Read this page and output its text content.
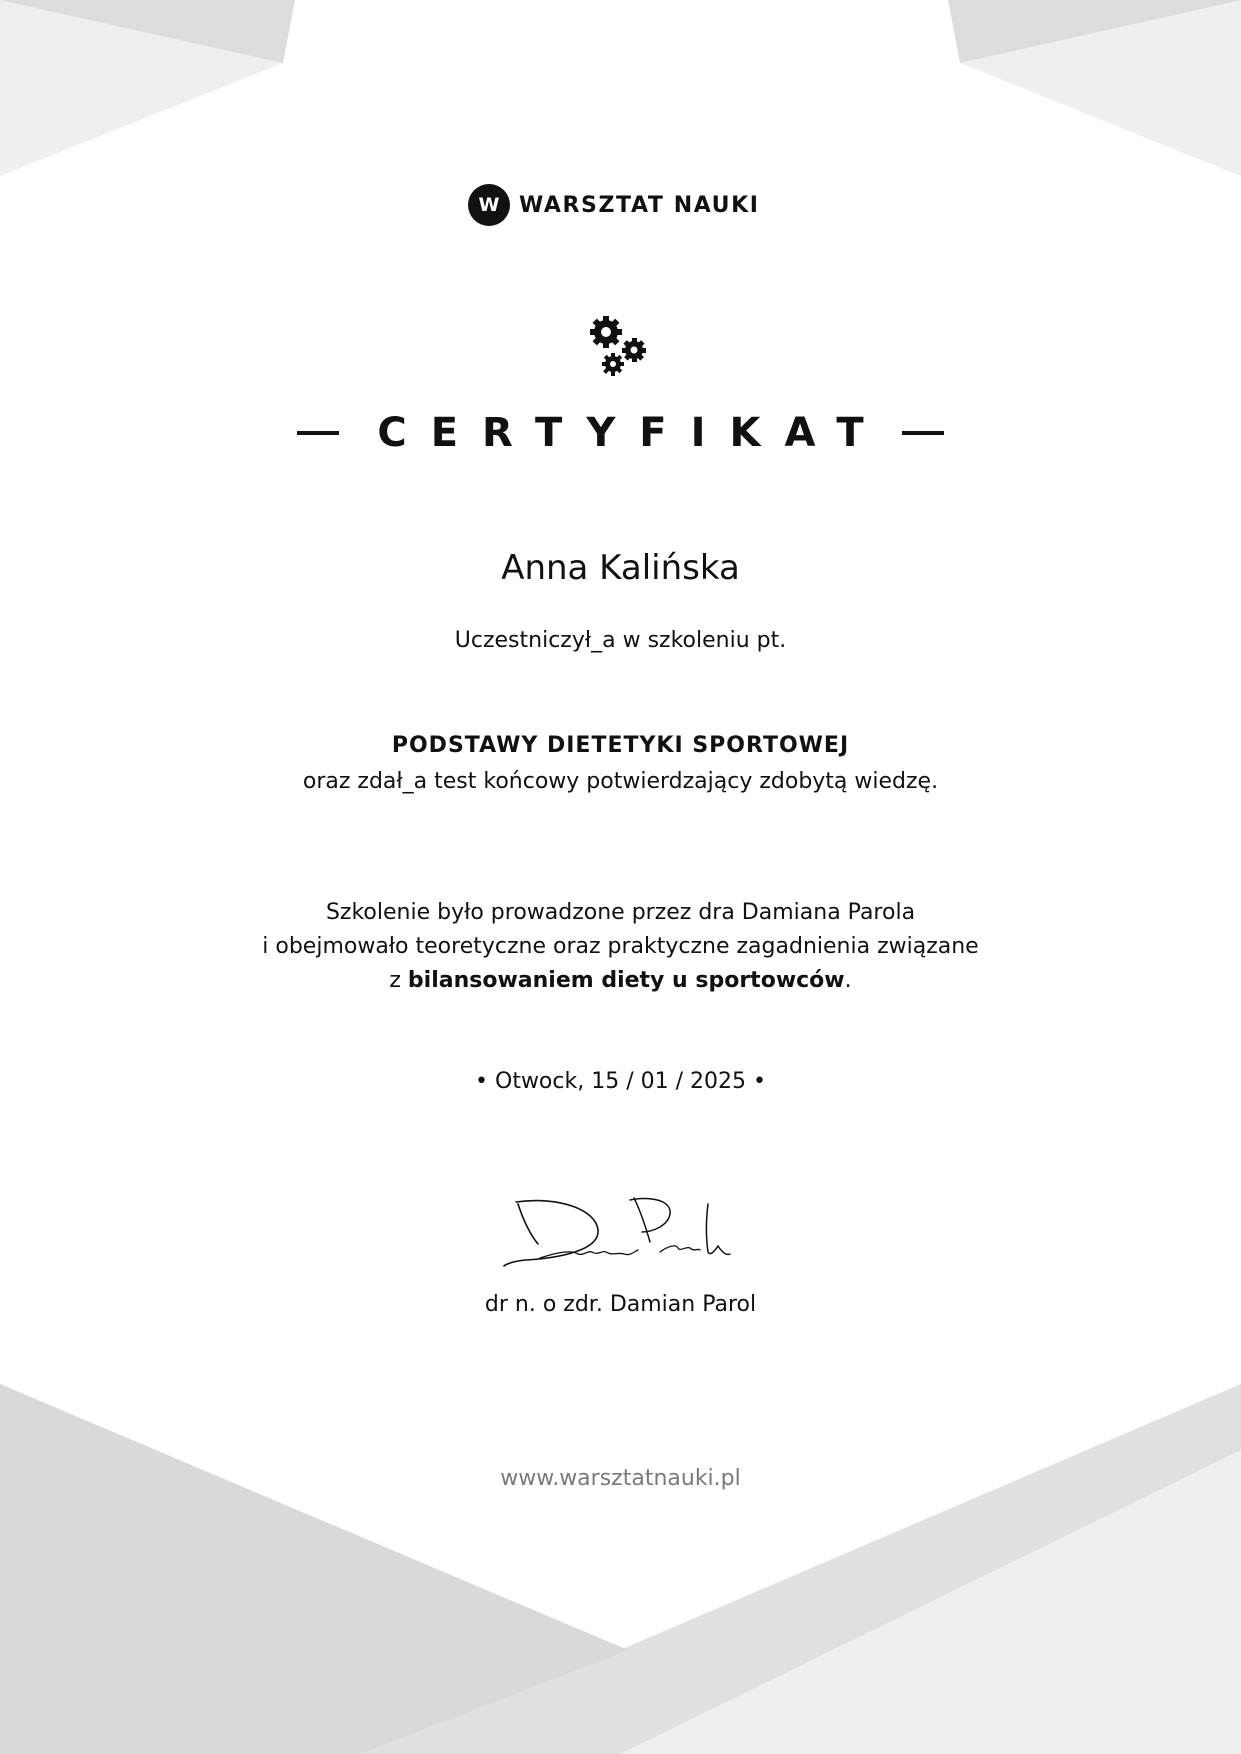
W WARSZTAT NAUKI
CERTYFIKAT
Anna Kalińska
Uczestniczył_a w szkoleniu pt.
PODSTAWY DIETETYKI SPORTOWEJ
oraz zdał_a test końcowy potwierdzający zdobytą wiedzę.
Szkolenie było prowadzone przez dra Damiana Parola
i obejmowało teoretyczne oraz praktyczne zagadnienia związane
z bilansowaniem diety u sportowców.
• Otwock, 15 / 01 / 2025 •
dr n. o zdr. Damian Parol
www.warsztatnauki.pl
